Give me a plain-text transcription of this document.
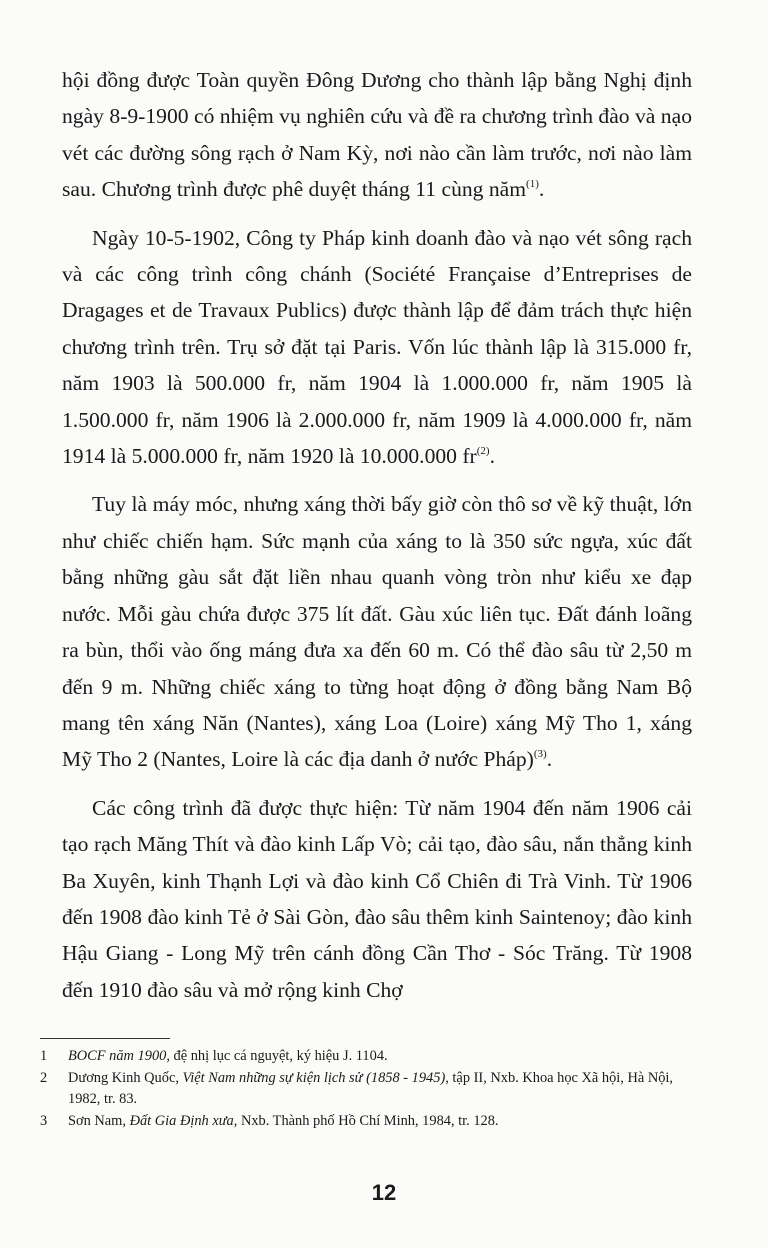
hội đồng được Toàn quyền Đông Dương cho thành lập bằng Nghị định ngày 8-9-1900 có nhiệm vụ nghiên cứu và đề ra chương trình đào và nạo vét các đường sông rạch ở Nam Kỳ, nơi nào cần làm trước, nơi nào làm sau. Chương trình được phê duyệt tháng 11 cùng năm$^{(1)}$.

Ngày 10-5-1902, Công ty Pháp kinh doanh đào và nạo vét sông rạch và các công trình công chánh (Société Française d’Entreprises de Dragages et de Travaux Publics) được thành lập để đảm trách thực hiện chương trình trên. Trụ sở đặt tại Paris. Vốn lúc thành lập là 315.000 fr, năm 1903 là 500.000 fr, năm 1904 là 1.000.000 fr, năm 1905 là 1.500.000 fr, năm 1906 là 2.000.000 fr, năm 1909 là 4.000.000 fr, năm 1914 là 5.000.000 fr, năm 1920 là 10.000.000 fr$^{(2)}$.

Tuy là máy móc, nhưng xáng thời bấy giờ còn thô sơ về kỹ thuật, lớn như chiếc chiến hạm. Sức mạnh của xáng to là 350 sức ngựa, xúc đất bằng những gàu sắt đặt liền nhau quanh vòng tròn như kiểu xe đạp nước. Mỗi gàu chứa được 375 lít đất. Gàu xúc liên tục. Đất đánh loãng ra bùn, thổi vào ống máng đưa xa đến 60 m. Có thể đào sâu từ 2,50 m đến 9 m. Những chiếc xáng to từng hoạt động ở đồng bằng Nam Bộ mang tên xáng Năn (Nantes), xáng Loa (Loire) xáng Mỹ Tho 1, xáng Mỹ Tho 2 (Nantes, Loire là các địa danh ở nước Pháp)$^{(3)}$.

Các công trình đã được thực hiện: Từ năm 1904 đến năm 1906 cải tạo rạch Măng Thít và đào kinh Lấp Vò; cải tạo, đào sâu, nắn thẳng kinh Ba Xuyên, kinh Thạnh Lợi và đào kinh Cổ Chiên đi Trà Vinh. Từ 1906 đến 1908 đào kinh Tẻ ở Sài Gòn, đào sâu thêm kinh Saintenoy; đào kinh Hậu Giang - Long Mỹ trên cánh đồng Cần Thơ - Sóc Trăng. Từ 1908 đến 1910 đào sâu và mở rộng kinh Chợ

1	BOCF năm 1900, đệ nhị lục cá nguyệt, ký hiệu J. 1104.
2	Dương Kinh Quốc, Việt Nam những sự kiện lịch sử (1858 - 1945), tập II, Nxb. Khoa học Xã hội, Hà Nội, 1982, tr. 83.
3	Sơn Nam, Đất Gia Định xưa, Nxb. Thành phố Hồ Chí Minh, 1984, tr. 128.
12
